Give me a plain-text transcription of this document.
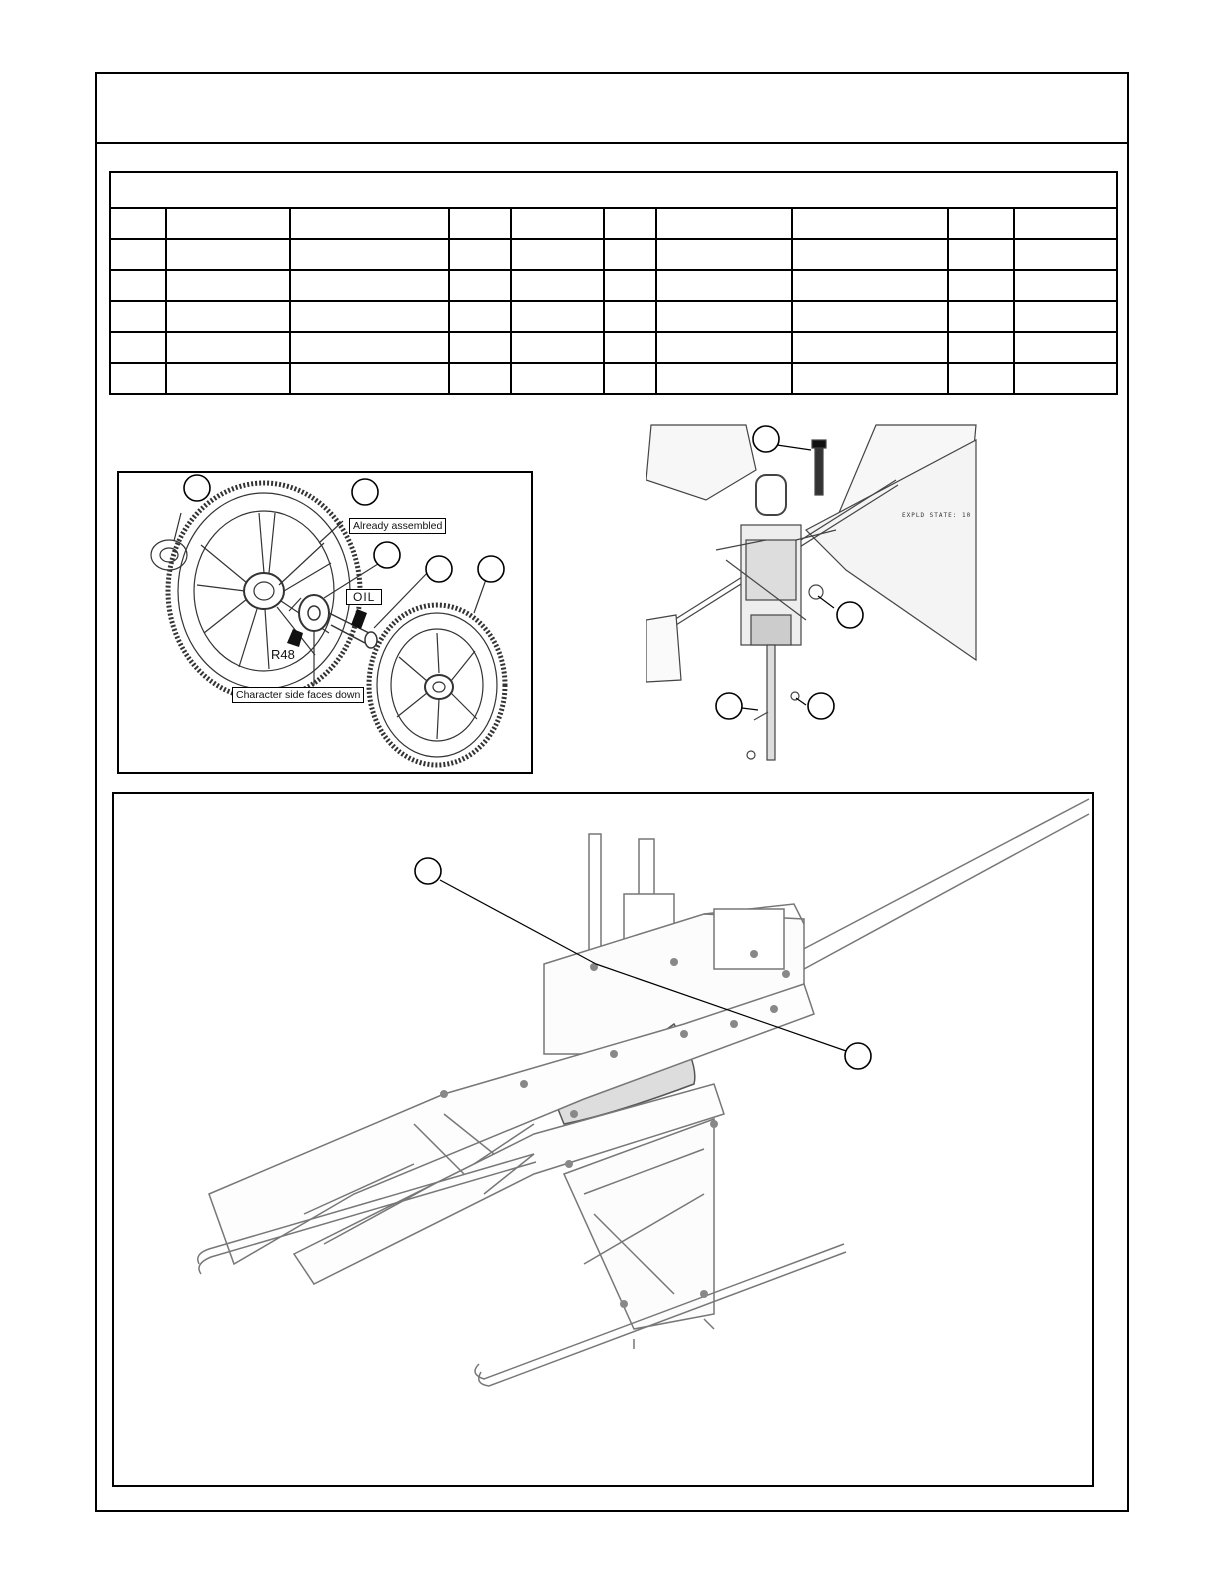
Already assembled
OIL
R48
Character side faces down
EXPLD STATE: 10
